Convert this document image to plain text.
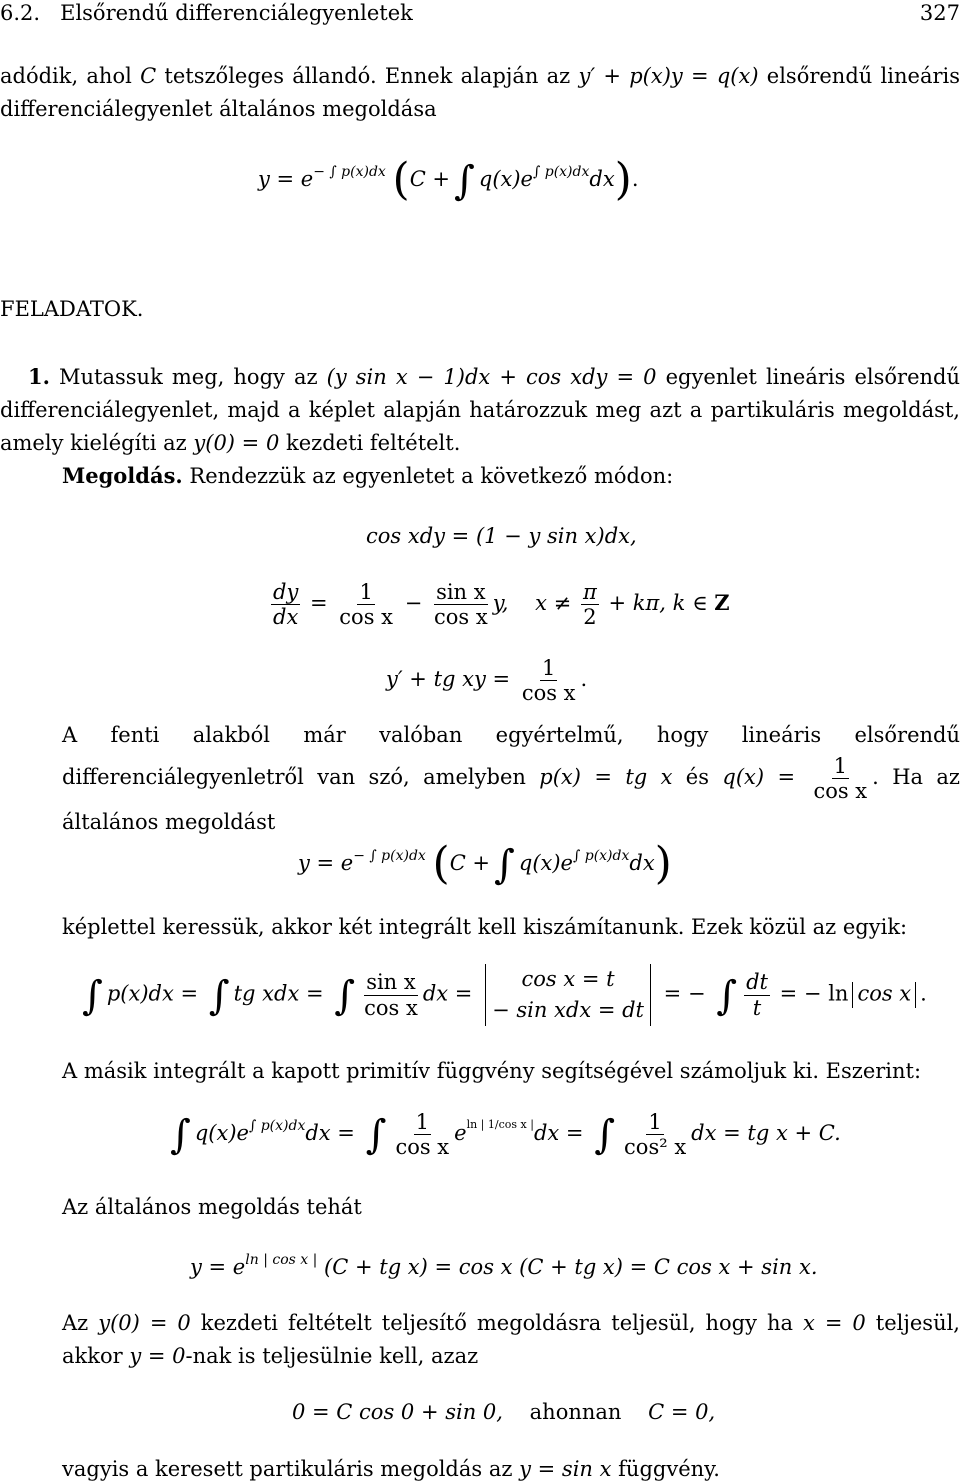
6.2. Elsőrendű differenciálegyenletek	327
adódik, ahol C tetszőleges állandó. Ennek alapján az y′ + p(x)y = q(x) elsőrendű lineáris differenciálegyenlet általános megoldása
$y = e^{- \int p(x)dx}$ (C + ∫ $q(x)e^{\int p(x)dx}dx$).
FELADATOK.
1. Mutassuk meg, hogy az (y sin x − 1)dx + cos xdy = 0 egyenlet lineáris elsőrendű differenciálegyenlet, majd a képlet alapján határozzuk meg azt a partikuláris megoldást, amely kielégíti az y(0) = 0 kezdeti feltételt.
Megoldás. Rendezzük az egyenletet a következő módon:
cos xdy = (1 − y sin x)dx,
$\frac{dy}{dx} = \frac{1}{\text{cos x}} - \frac{\text{sin x}}{\text{cos x}} y$, $x \ne \frac{\pi}{2} + k\pi$, k ∈ Z
y′ + tg xy = $\frac{1}{\text{cos x}}$ .
A fenti alakból már valóban egyértelmű, hogy lineáris elsőrendű differenciálegyenletről van szó, amelyben p(x) = tg x és $q(x) = \frac{1}{\text{cos x}}$ . Ha az általános megoldást
$y = e^{- \int p(x)dx}$ (C + ∫ $q(x)e^{\int p(x)dx}dx$)
képlettel keressük, akkor két integrált kell kiszámítanunk. Ezek közül az egyik:
∫ p(x)dx = ∫ tg xdx = ∫ $\frac{\text{sin x}}{\text{cos x}}$ dx =
cos x = t
− sin xdx = dt
= − ∫ $\frac{dt}{t}$ = − ln cos x .
A másik integrált a kapott primitív függvény segítségével számoljuk ki. Eszerint:
∫ $q(x)e^{\int p(x)dx}dx$ = ∫ $\frac{1}{\text{cos x}} e^{ln | 1/cos x |}dx$ = ∫ $\frac{1}{\text{cos² x}}$ dx = tg x + C.
Az általános megoldás tehát
$y = e^{ln | cos x |}$ (C + tg x) = cos x (C + tg x) = C cos x + sin x.
Az y(0) = 0 kezdeti feltételt teljesítő megoldásra teljesül, hogy ha x = 0 teljesül, akkor y = 0-nak is teljesülnie kell, azaz
0 = C cos 0 + sin 0, ahonnan C = 0,
vagyis a keresett partikuláris megoldás az y = sin x függvény.
